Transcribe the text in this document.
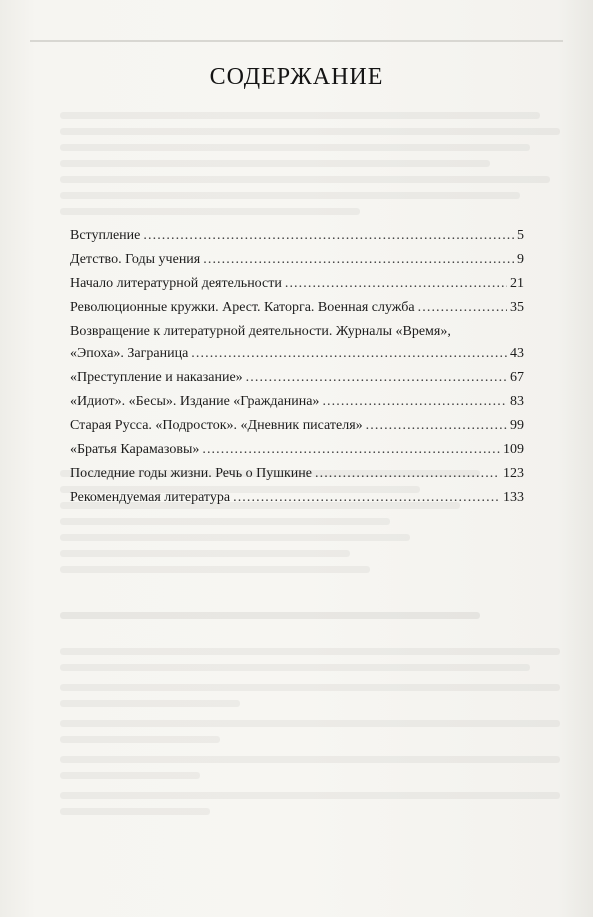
СОДЕРЖАНИЕ
Вступление . . .	5
Детство. Годы учения . . .	9
Начало литературной деятельности . . .	21
Революционные кружки. Арест. Каторга. Военная служба . . .	35
Возвращение к литературной деятельности. Журналы «Время»,
«Эпоха». Заграница . . .	43
«Преступление и наказание» . . .	67
«Идиот». «Бесы». Издание «Гражданина» . . .	83
Старая Русса. «Подросток». «Дневник писателя» . . .	99
«Братья Карамазовы» . . .	109
Последние годы жизни. Речь о Пушкине . . .	123
Рекомендуемая литература . . .	133
